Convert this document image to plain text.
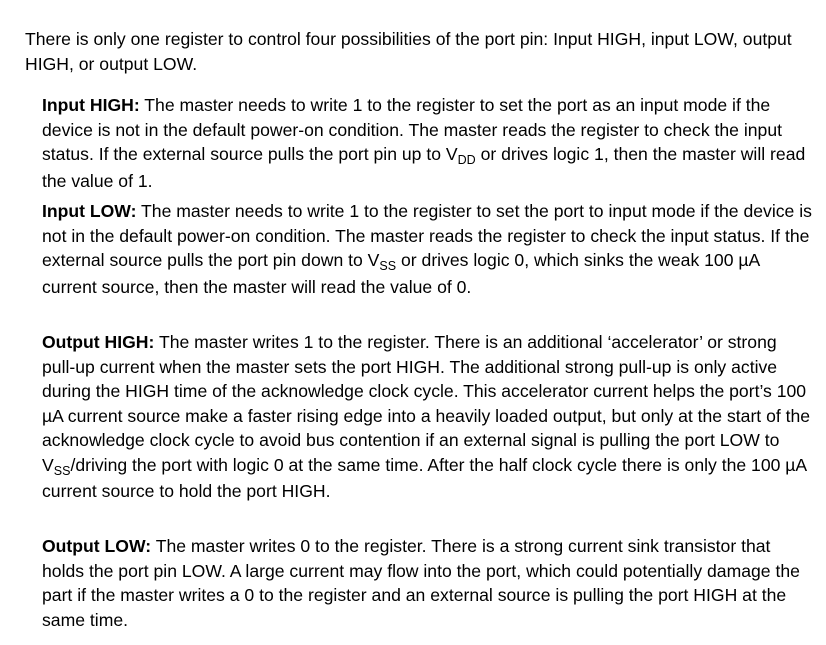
There is only one register to control four possibilities of the port pin: Input HIGH, input LOW, output HIGH, or output LOW.

Input HIGH: The master needs to write 1 to the register to set the port as an input mode if the device is not in the default power-on condition. The master reads the register to check the input status. If the external source pulls the port pin up to $V_{DD}$ or drives logic 1, then the master will read the value of 1.

Input LOW: The master needs to write 1 to the register to set the port to input mode if the device is not in the default power-on condition. The master reads the register to check the input status. If the external source pulls the port pin down to $V_{SS}$ or drives logic 0, which sinks the weak 100 µA current source, then the master will read the value of 0.

Output HIGH: The master writes 1 to the register. There is an additional ‘accelerator’ or strong pull-up current when the master sets the port HIGH. The additional strong pull-up is only active during the HIGH time of the acknowledge clock cycle. This accelerator current helps the port’s 100 µA current source make a faster rising edge into a heavily loaded output, but only at the start of the acknowledge clock cycle to avoid bus contention if an external signal is pulling the port LOW to $V_{SS}$/driving the port with logic 0 at the same time. After the half clock cycle there is only the 100 µA current source to hold the port HIGH.

Output LOW: The master writes 0 to the register. There is a strong current sink transistor that holds the port pin LOW. A large current may flow into the port, which could potentially damage the part if the master writes a 0 to the register and an external source is pulling the port HIGH at the same time.
